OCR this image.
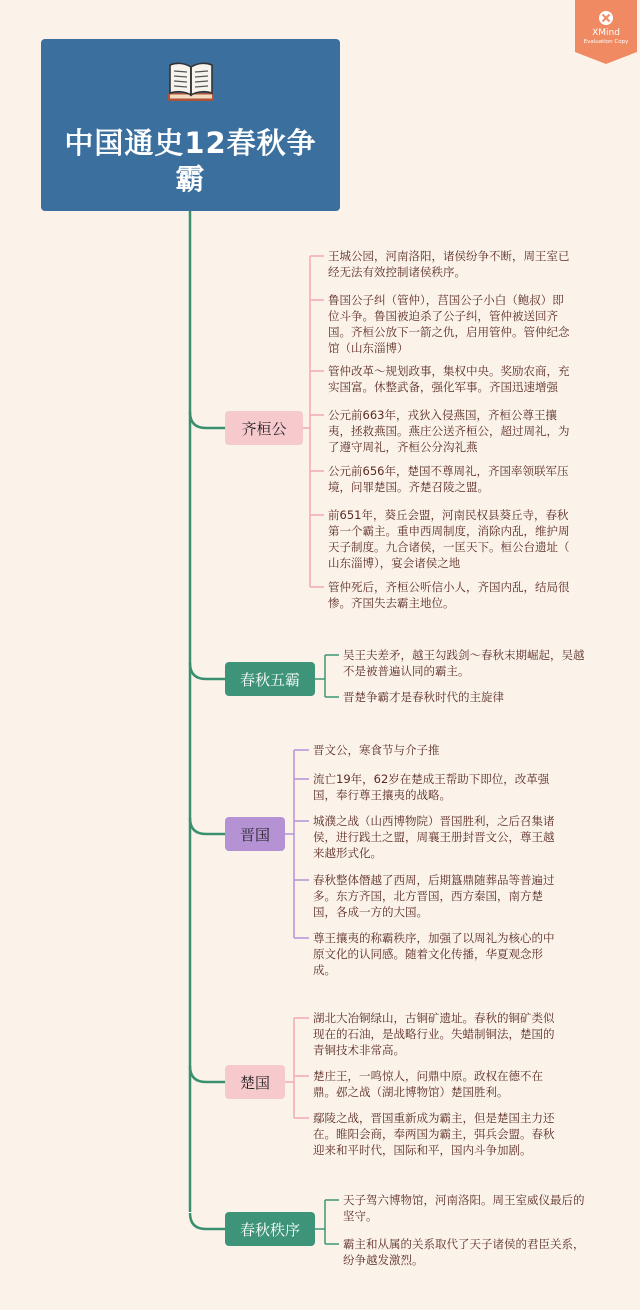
中国通史12春秋争
霸
XMind
Evaluation Copy
齐桓公
王城公园，河南洛阳，诸侯纷争不断，周王室已
经无法有效控制诸侯秩序。
鲁国公子纠（管仲），莒国公子小白（鲍叔）即
位斗争。鲁国被迫杀了公子纠，管仲被送回齐
国。齐桓公放下一箭之仇，启用管仲。管仲纪念
馆（山东淄博）
管仲改革～规划政事，集权中央。奖励农商，充
实国富。休整武备，强化军事。齐国迅速增强
公元前663年，戎狄入侵燕国，齐桓公尊王攘
夷，拯救燕国。燕庄公送齐桓公，超过周礼，为
了遵守周礼，齐桓公分沟礼燕
公元前656年，楚国不尊周礼，齐国率领联军压
境，问罪楚国。齐楚召陵之盟。
前651年，葵丘会盟，河南民权县葵丘寺，春秋
第一个霸主。重申西周制度，消除内乱，维护周
天子制度。九合诸侯，一匡天下。桓公台遗址（
山东淄博），宴会诸侯之地
管仲死后，齐桓公听信小人，齐国内乱，结局很
惨。齐国失去霸主地位。
春秋五霸
吴王夫差矛，越王勾践剑～春秋末期崛起，吴越
不是被普遍认同的霸主。
晋楚争霸才是春秋时代的主旋律
晋国
晋文公，寒食节与介子推
流亡19年，62岁在楚成王帮助下即位，改革强
国，奉行尊王攘夷的战略。
城濮之战（山西博物院）晋国胜利，之后召集诸
侯，进行践土之盟，周襄王册封晋文公，尊王越
来越形式化。
春秋整体僭越了西周，后期簋鼎随葬品等普遍过
多。东方齐国，北方晋国，西方秦国，南方楚
国，各成一方的大国。
尊王攘夷的称霸秩序，加强了以周礼为核心的中
原文化的认同感。随着文化传播，华夏观念形
成。
楚国
湖北大冶铜绿山，古铜矿遗址。春秋的铜矿类似
现在的石油，是战略行业。失蜡制铜法，楚国的
青铜技术非常高。
楚庄王，一鸣惊人，问鼎中原。政权在德不在
鼎。邲之战（湖北博物馆）楚国胜利。
鄢陵之战，晋国重新成为霸主，但是楚国主力还
在。睢阳会商，奉两国为霸主，弭兵会盟。春秋
迎来和平时代，国际和平，国内斗争加剧。
春秋秩序
天子驾六博物馆，河南洛阳。周王室威仪最后的
坚守。
霸主和从属的关系取代了天子诸侯的君臣关系，
纷争越发激烈。
